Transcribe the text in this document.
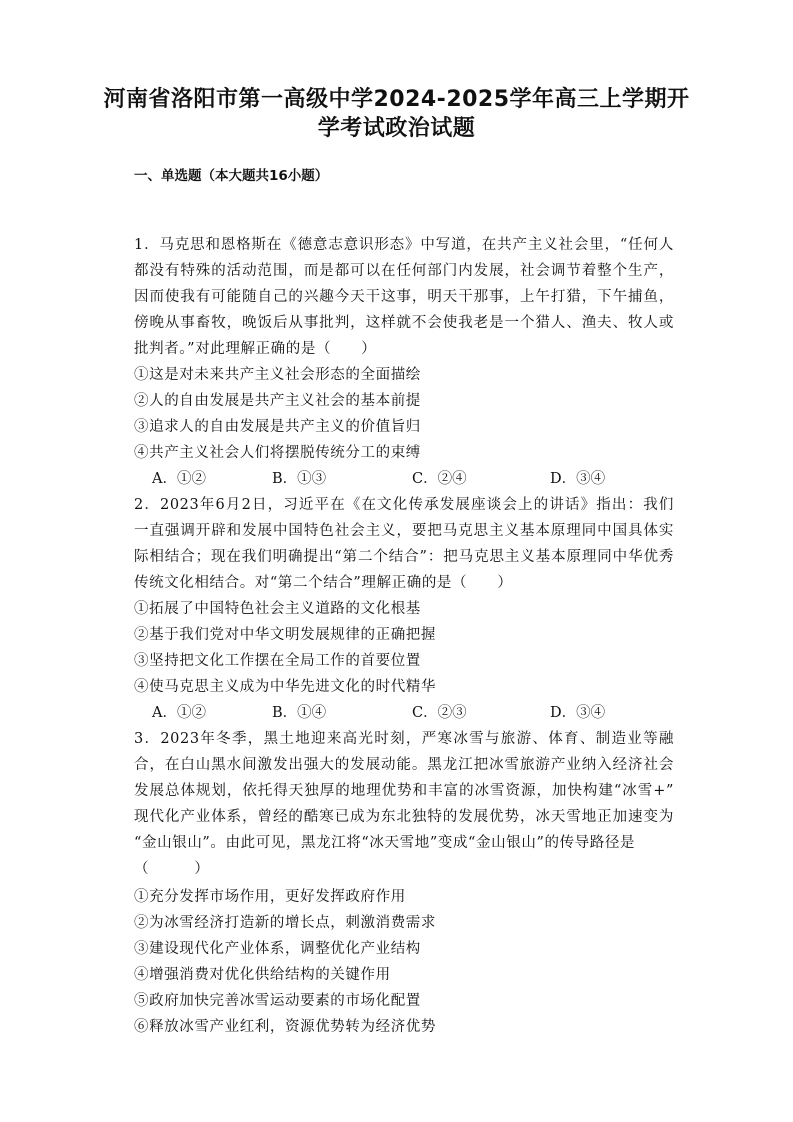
河南省洛阳市第一高级中学2024-2025学年高三上学期开
学考试政治试题
一、单选题（本大题共16小题）
1．马克思和恩格斯在《德意志意识形态》中写道，在共产主义社会里，“任何人
都没有特殊的活动范围，而是都可以在任何部门内发展，社会调节着整个生产，
因而使我有可能随自己的兴趣今天干这事，明天干那事，上午打猎，下午捕鱼，
傍晚从事畜牧，晚饭后从事批判，这样就不会使我老是一个猎人、渔夫、牧人或
批判者。”对此理解正确的是（　　）
①这是对未来共产主义社会形态的全面描绘
②人的自由发展是共产主义社会的基本前提
③追求人的自由发展是共产主义的价值旨归
④共产主义社会人们将摆脱传统分工的束缚
A．①②	B．①③	C．②④	D．③④
2．2023年6月2日，习近平在《在文化传承发展座谈会上的讲话》指出：我们
一直强调开辟和发展中国特色社会主义，要把马克思主义基本原理同中国具体实
际相结合；现在我们明确提出“第二个结合”：把马克思主义基本原理同中华优秀
传统文化相结合。对“第二个结合”理解正确的是（　　）
①拓展了中国特色社会主义道路的文化根基
②基于我们党对中华文明发展规律的正确把握
③坚持把文化工作摆在全局工作的首要位置
④使马克思主义成为中华先进文化的时代精华
A．①②	B．①④	C．②③	D．③④
3．2023年冬季，黑土地迎来高光时刻，严寒冰雪与旅游、体育、制造业等融
合，在白山黑水间激发出强大的发展动能。黑龙江把冰雪旅游产业纳入经济社会
发展总体规划，依托得天独厚的地理优势和丰富的冰雪资源，加快构建“冰雪+”
现代化产业体系，曾经的酷寒已成为东北独特的发展优势，冰天雪地正加速变为
“金山银山”。由此可见，黑龙江将“冰天雪地”变成“金山银山”的传导路径是
（　　　）
①充分发挥市场作用，更好发挥政府作用
②为冰雪经济打造新的增长点，刺激消费需求
③建设现代化产业体系，调整优化产业结构
④增强消费对优化供给结构的关键作用
⑤政府加快完善冰雪运动要素的市场化配置
⑥释放冰雪产业红利，资源优势转为经济优势
